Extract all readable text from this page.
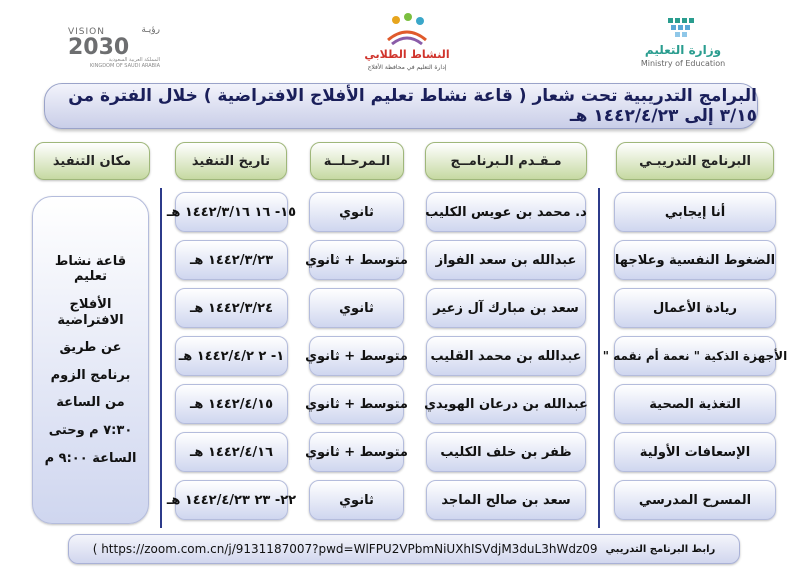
رؤيـة
VISION
2030
المملكة العربية السعودية
KINGDOM OF SAUDI ARABIA
النشاط الطلابي
إدارة التعليم في محافظة الأفلاج
وزارة التعليم
Ministry of Education
البرامج التدريبية تحت شعار ( قاعة نشاط تعليم الأفلاج الافتراضية ) خلال الفترة من ٣/١٥ إلى ١٤٤٢/٤/٢٣ هـ
البرنامج التدريبـي
مـقـدم الـبرنامــج
الـمرحـلــة
تاريخ التنفيذ
مكان التنفيذ
أنا إيجابي
د. محمد بن عويس الكليب
ثانوي
١٥- ١٦ ١٤٤٢/٣/١٦ هـ
الضغوط النفسية وعلاجها
عبدالله بن سعد الفواز
متوسط + ثانوي
١٤٤٢/٣/٢٣ هـ
ريادة الأعمال
سعد بن مبارك آل زعير
ثانوي
١٤٤٢/٣/٢٤ هـ
الأجهزة الذكية " نعمة أم نقمه "
عبدالله بن محمد القليب
متوسط + ثانوي
١- ٢ ١٤٤٢/٤/٢ هـ
التغذية الصحية
عبدالله بن درعان الهويدي
متوسط + ثانوي
١٤٤٢/٤/١٥ هـ
الإسعافات الأولية
ظفر بن خلف الكليب
متوسط + ثانوي
١٤٤٢/٤/١٦ هـ
المسرح المدرسي
سعد بن صالح الماجد
ثانوي
٢٢- ٢٣ ١٤٤٢/٤/٢٣ هـ
قاعة نشاط تعليم
الأفلاج الافتراضية
عن طريق
برنامج الزوم
من الساعة
٧:٣٠ م وحتى
الساعة ٩:٠٠ م
رابط البرنامج التدريبي
( https://zoom.com.cn/j/9131187007?pwd=WlFPU2VPbmNiUXhISVdjM3duL3hWdz09
